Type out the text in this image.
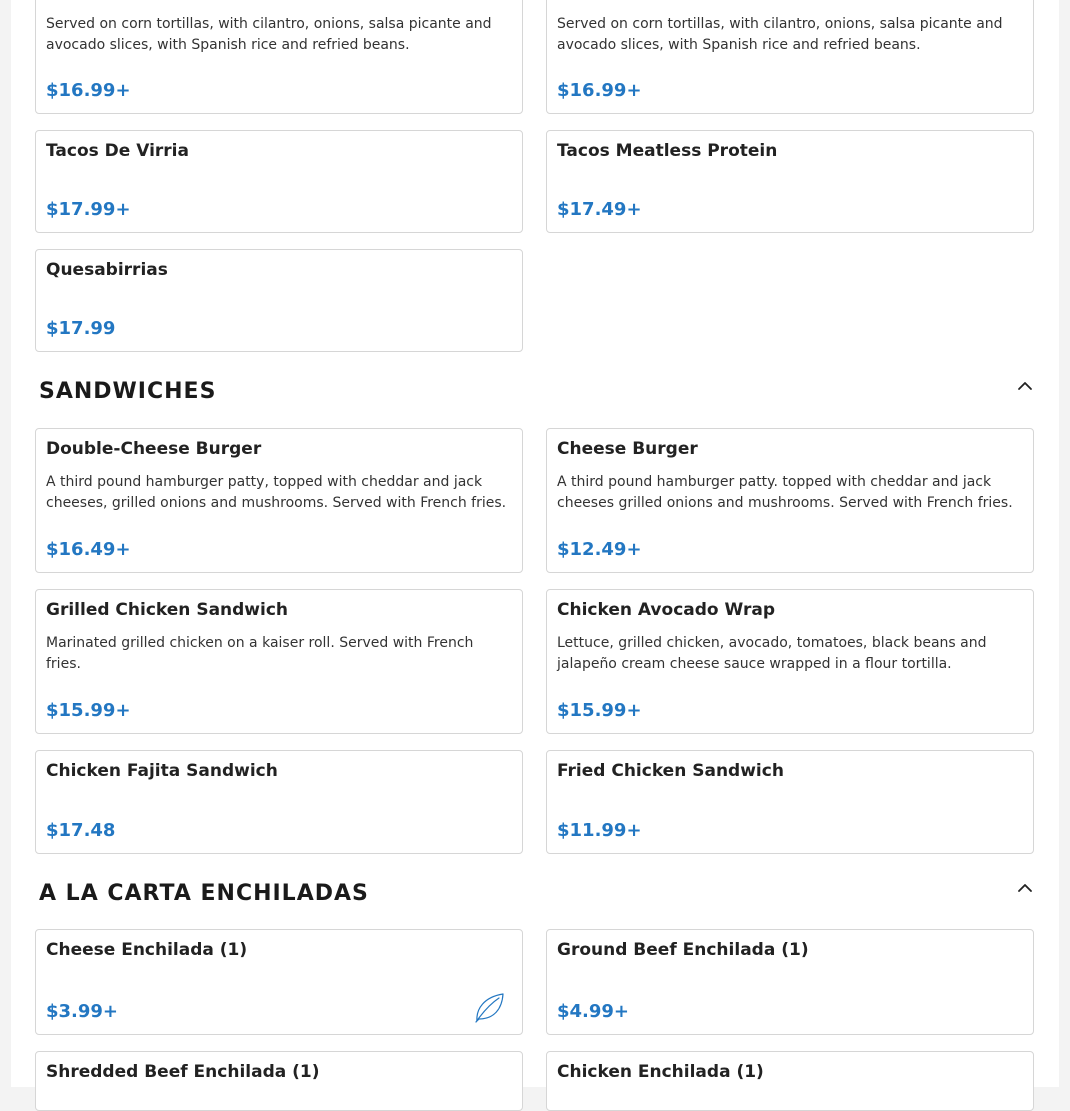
Served on corn tortillas, with cilantro, onions, salsa picante and avocado slices, with Spanish rice and refried beans.
$16.99+
Served on corn tortillas, with cilantro, onions, salsa picante and avocado slices, with Spanish rice and refried beans.
$16.99+
Tacos De Virria
$17.99+
Tacos Meatless Protein
$17.49+
Quesabirrias
$17.99
SANDWICHES
Double-Cheese Burger
A third pound hamburger patty, topped with cheddar and jack cheeses, grilled onions and mushrooms. Served with French fries.
$16.49+
Cheese Burger
A third pound hamburger patty. topped with cheddar and jack cheeses grilled onions and mushrooms. Served with French fries.
$12.49+
Grilled Chicken Sandwich
Marinated grilled chicken on a kaiser roll. Served with French fries.
$15.99+
Chicken Avocado Wrap
Lettuce, grilled chicken, avocado, tomatoes, black beans and jalapeño cream cheese sauce wrapped in a flour tortilla.
$15.99+
Chicken Fajita Sandwich
$17.48
Fried Chicken Sandwich
$11.99+
A LA CARTA ENCHILADAS
Cheese Enchilada (1)
$3.99+
Ground Beef Enchilada (1)
$4.99+
Shredded Beef Enchilada (1)	Chicken Enchilada (1)
